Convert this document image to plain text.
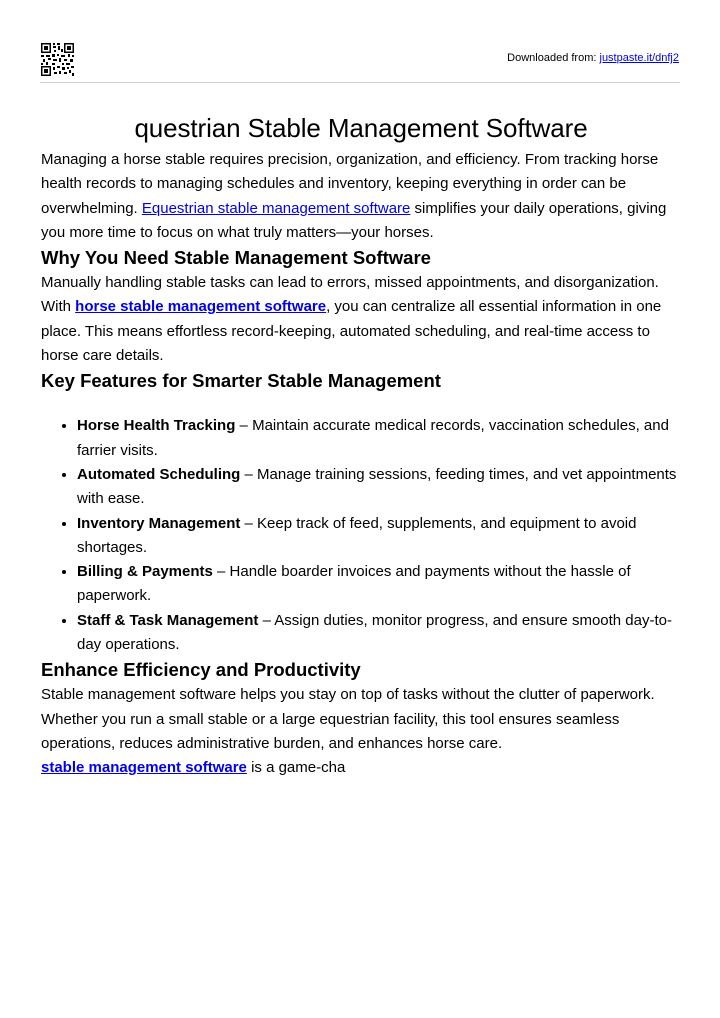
Downloaded from: justpaste.it/dnfj2
questrian Stable Management Software

Managing a horse stable requires precision, organization, and efficiency. From tracking horse health records to managing schedules and inventory, keeping everything in order can be overwhelming. Equestrian stable management software simplifies your daily operations, giving you more time to focus on what truly matters—your horses.

Why You Need Stable Management Software

Manually handling stable tasks can lead to errors, missed appointments, and disorganization. With horse stable management software, you can centralize all essential information in one place. This means effortless record-keeping, automated scheduling, and real-time access to horse care details.

Key Features for Smarter Stable Management
• Horse Health Tracking – Maintain accurate medical records, vaccination schedules, and farrier visits.
• Automated Scheduling – Manage training sessions, feeding times, and vet appointments with ease.
• Inventory Management – Keep track of feed, supplements, and equipment to avoid shortages.
• Billing & Payments – Handle boarder invoices and payments without the hassle of paperwork.
• Staff & Task Management – Assign duties, monitor progress, and ensure smooth day-to-day operations.
Enhance Efficiency and Productivity

Stable management software helps you stay on top of tasks without the clutter of paperwork. Whether you run a small stable or a large equestrian facility, this tool ensures seamless operations, reduces administrative burden, and enhances horse care.

stable management software is a game-cha
